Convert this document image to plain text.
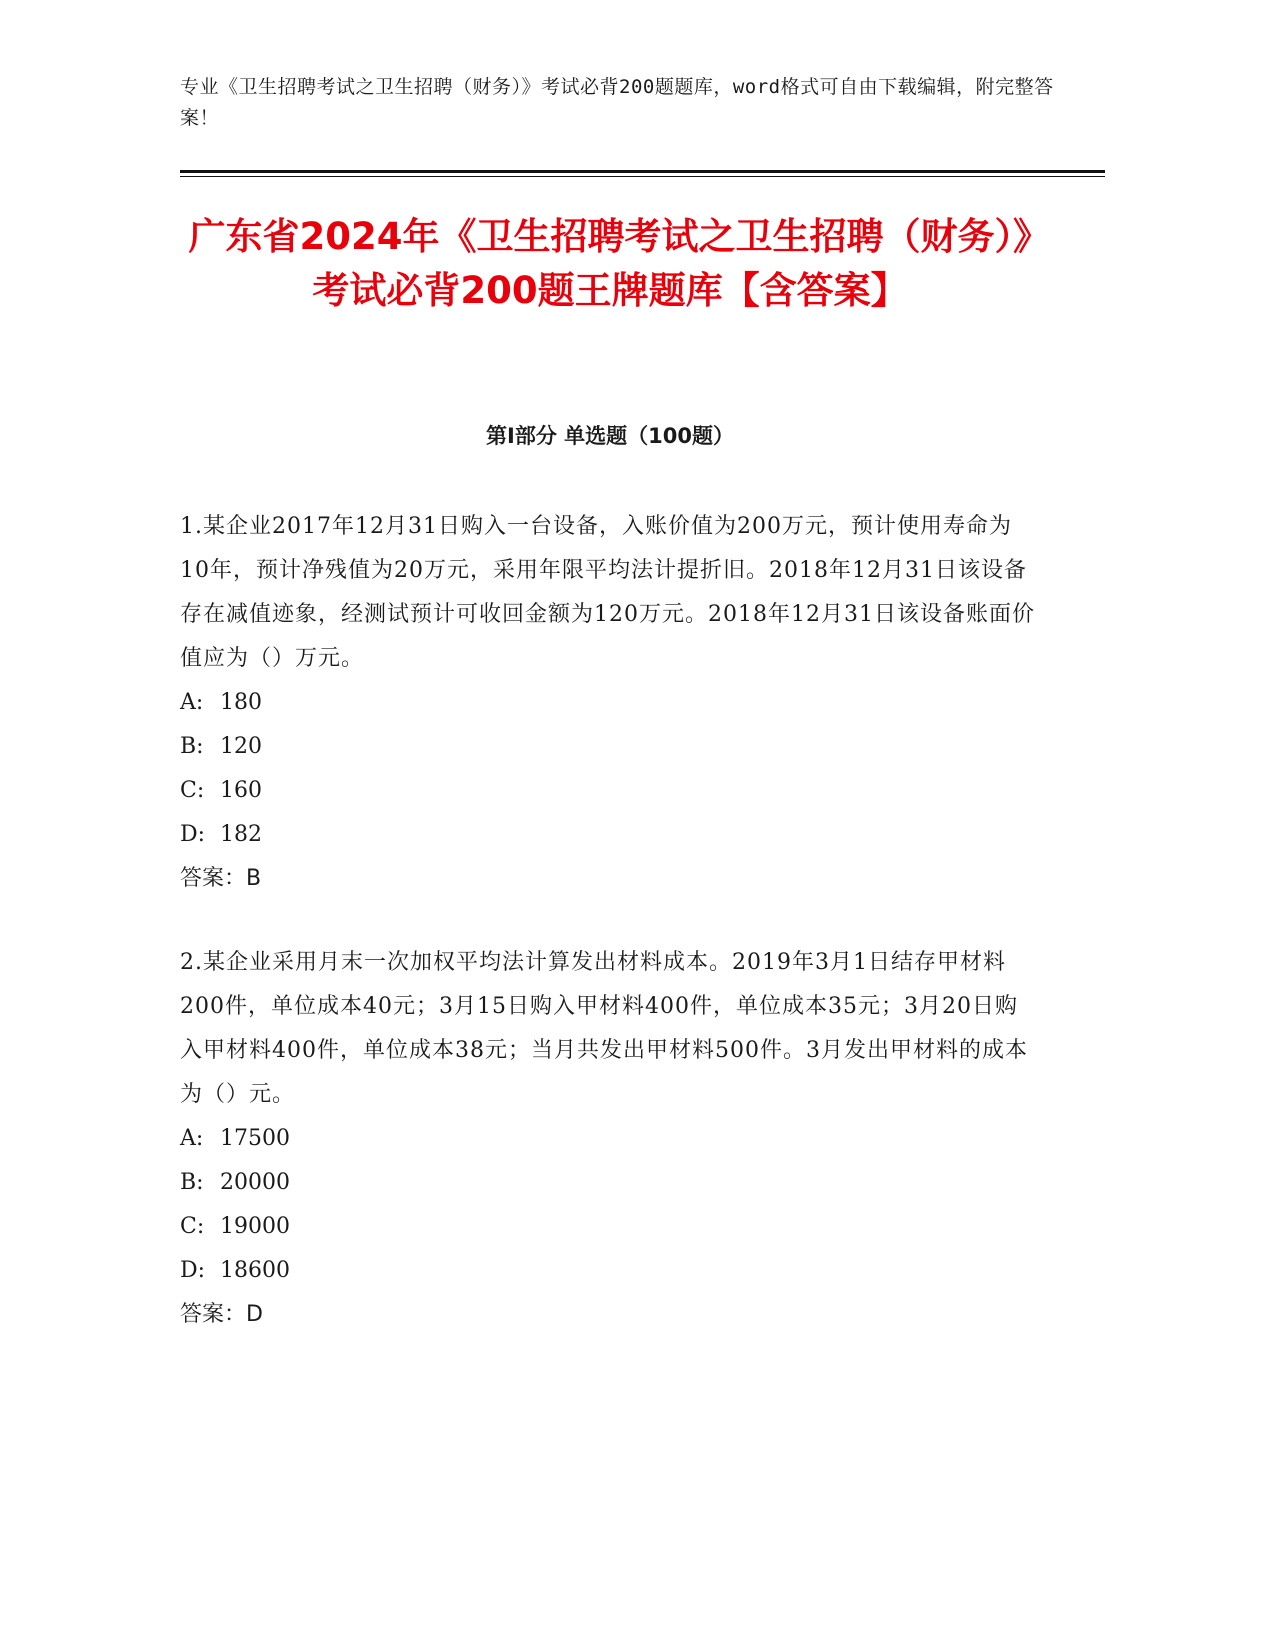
专业《卫生招聘考试之卫生招聘（财务）》考试必背200题题库，word格式可自由下载编辑，附完整答案！
广东省2024年《卫生招聘考试之卫生招聘（财务）》考试必背200题王牌题库【含答案】
第Ⅰ部分 单选题（100题）

1.某企业2017年12月31日购入一台设备，入账价值为200万元，预计使用寿命为10年，预计净残值为20万元，采用年限平均法计提折旧。2018年12月31日该设备存在减值迹象，经测试预计可收回金额为120万元。2018年12月31日该设备账面价值应为（）万元。

A: 180
B: 120
C: 160
D: 182
答案：B

2.某企业采用月末一次加权平均法计算发出材料成本。2019年3月1日结存甲材料200件，单位成本40元；3月15日购入甲材料400件，单位成本35元；3月20日购入甲材料400件，单位成本38元；当月共发出甲材料500件。3月发出甲材料的成本为（）元。

A: 17500
B: 20000
C: 19000
D: 18600
答案：D
